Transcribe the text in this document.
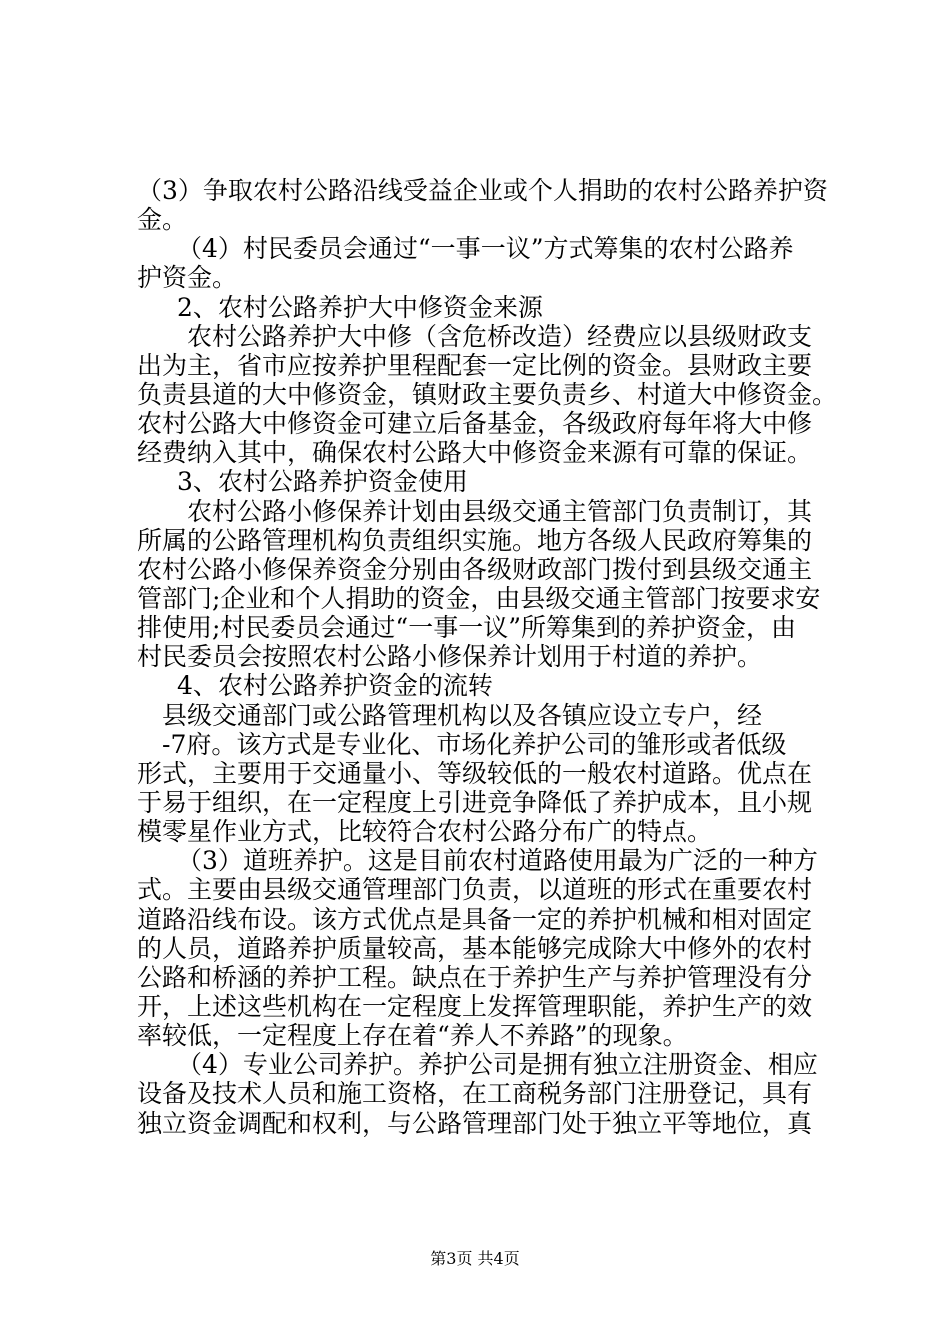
（3）争取农村公路沿线受益企业或个人捐助的农村公路养护资
金。
（4）村民委员会通过“一事一议”方式筹集的农村公路养
护资金。
2、农村公路养护大中修资金来源
农村公路养护大中修（含危桥改造）经费应以县级财政支
出为主，省市应按养护里程配套一定比例的资金。县财政主要
负责县道的大中修资金，镇财政主要负责乡、村道大中修资金。
农村公路大中修资金可建立后备基金，各级政府每年将大中修
经费纳入其中，确保农村公路大中修资金来源有可靠的保证。
3、农村公路养护资金使用
农村公路小修保养计划由县级交通主管部门负责制订，其
所属的公路管理机构负责组织实施。地方各级人民政府筹集的
农村公路小修保养资金分别由各级财政部门拨付到县级交通主
管部门;企业和个人捐助的资金，由县级交通主管部门按要求安
排使用;村民委员会通过“一事一议”所筹集到的养护资金，由
村民委员会按照农村公路小修保养计划用于村道的养护。
4、农村公路养护资金的流转
县级交通部门或公路管理机构以及各镇应设立专户，经
-7府。该方式是专业化、市场化养护公司的雏形或者低级
形式，主要用于交通量小、等级较低的一般农村道路。优点在
于易于组织，在一定程度上引进竞争降低了养护成本，且小规
模零星作业方式，比较符合农村公路分布广的特点。
（3）道班养护。这是目前农村道路使用最为广泛的一种方
式。主要由县级交通管理部门负责，以道班的形式在重要农村
道路沿线布设。该方式优点是具备一定的养护机械和相对固定
的人员，道路养护质量较高，基本能够完成除大中修外的农村
公路和桥涵的养护工程。缺点在于养护生产与养护管理没有分
开，上述这些机构在一定程度上发挥管理职能，养护生产的效
率较低，一定程度上存在着“养人不养路”的现象。
（4）专业公司养护。养护公司是拥有独立注册资金、相应
设备及技术人员和施工资格，在工商税务部门注册登记，具有
独立资金调配和权利，与公路管理部门处于独立平等地位，真
第3页 共4页
